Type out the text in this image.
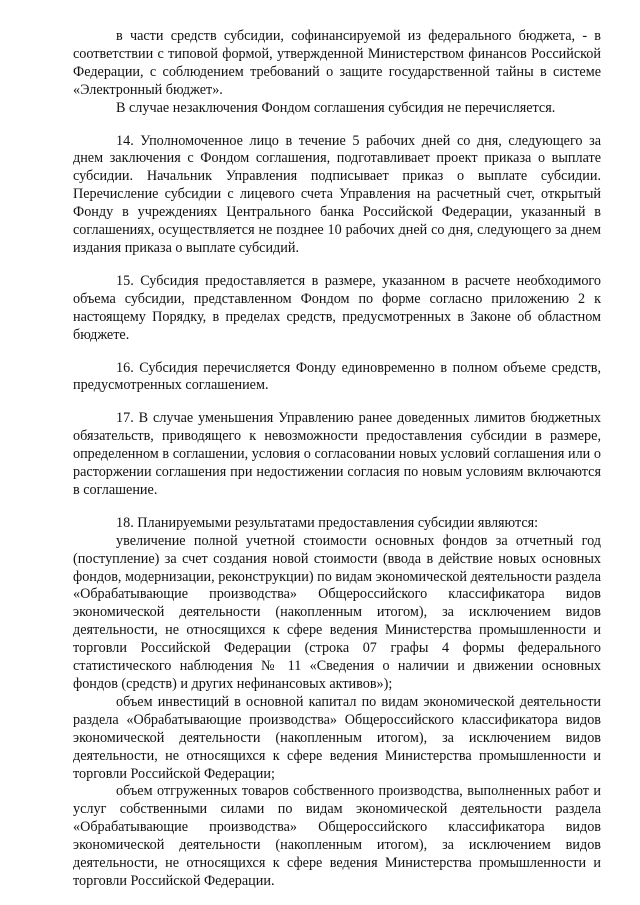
в части средств субсидии, софинансируемой из федерального бюджета, - в соответствии с типовой формой, утвержденной Министерством финансов Российской Федерации, с соблюдением требований о защите государственной тайны в системе «Электронный бюджет».

В случае незаключения Фондом соглашения субсидия не перечисляется.

14. Уполномоченное лицо в течение 5 рабочих дней со дня, следующего за днем заключения с Фондом соглашения, подготавливает проект приказа о выплате субсидии. Начальник Управления подписывает приказ о выплате субсидии. Перечисление субсидии с лицевого счета Управления на расчетный счет, открытый Фонду в учреждениях Центрального банка Российской Федерации, указанный в соглашениях, осуществляется не позднее 10 рабочих дней со дня, следующего за днем издания приказа о выплате субсидий.

15. Субсидия предоставляется в размере, указанном в расчете необходимого объема субсидии, представленном Фондом по форме согласно приложению 2 к настоящему Порядку, в пределах средств, предусмотренных в Законе об областном бюджете.

16. Субсидия перечисляется Фонду единовременно в полном объеме средств, предусмотренных соглашением.

17. В случае уменьшения Управлению ранее доведенных лимитов бюджетных обязательств, приводящего к невозможности предоставления субсидии в размере, определенном в соглашении, условия о согласовании новых условий соглашения или о расторжении соглашения при недостижении согласия по новым условиям включаются в соглашение.

18. Планируемыми результатами предоставления субсидии являются:

увеличение полной учетной стоимости основных фондов за отчетный год (поступление) за счет создания новой стоимости (ввода в действие новых основных фондов, модернизации, реконструкции) по видам экономической деятельности раздела «Обрабатывающие производства» Общероссийского классификатора видов экономической деятельности (накопленным итогом), за исключением видов деятельности, не относящихся к сфере ведения Министерства промышленности и торговли Российской Федерации (строка 07 графы 4 формы федерального статистического наблюдения № 11 «Сведения о наличии и движении основных фондов (средств) и других нефинансовых активов»);

объем инвестиций в основной капитал по видам экономической деятельности раздела «Обрабатывающие производства» Общероссийского классификатора видов экономической деятельности (накопленным итогом), за исключением видов деятельности, не относящихся к сфере ведения Министерства промышленности и торговли Российской Федерации;

объем отгруженных товаров собственного производства, выполненных работ и услуг собственными силами по видам экономической деятельности раздела «Обрабатывающие производства» Общероссийского классификатора видов экономической деятельности (накопленным итогом), за исключением видов деятельности, не относящихся к сфере ведения Министерства промышленности и торговли Российской Федерации.
